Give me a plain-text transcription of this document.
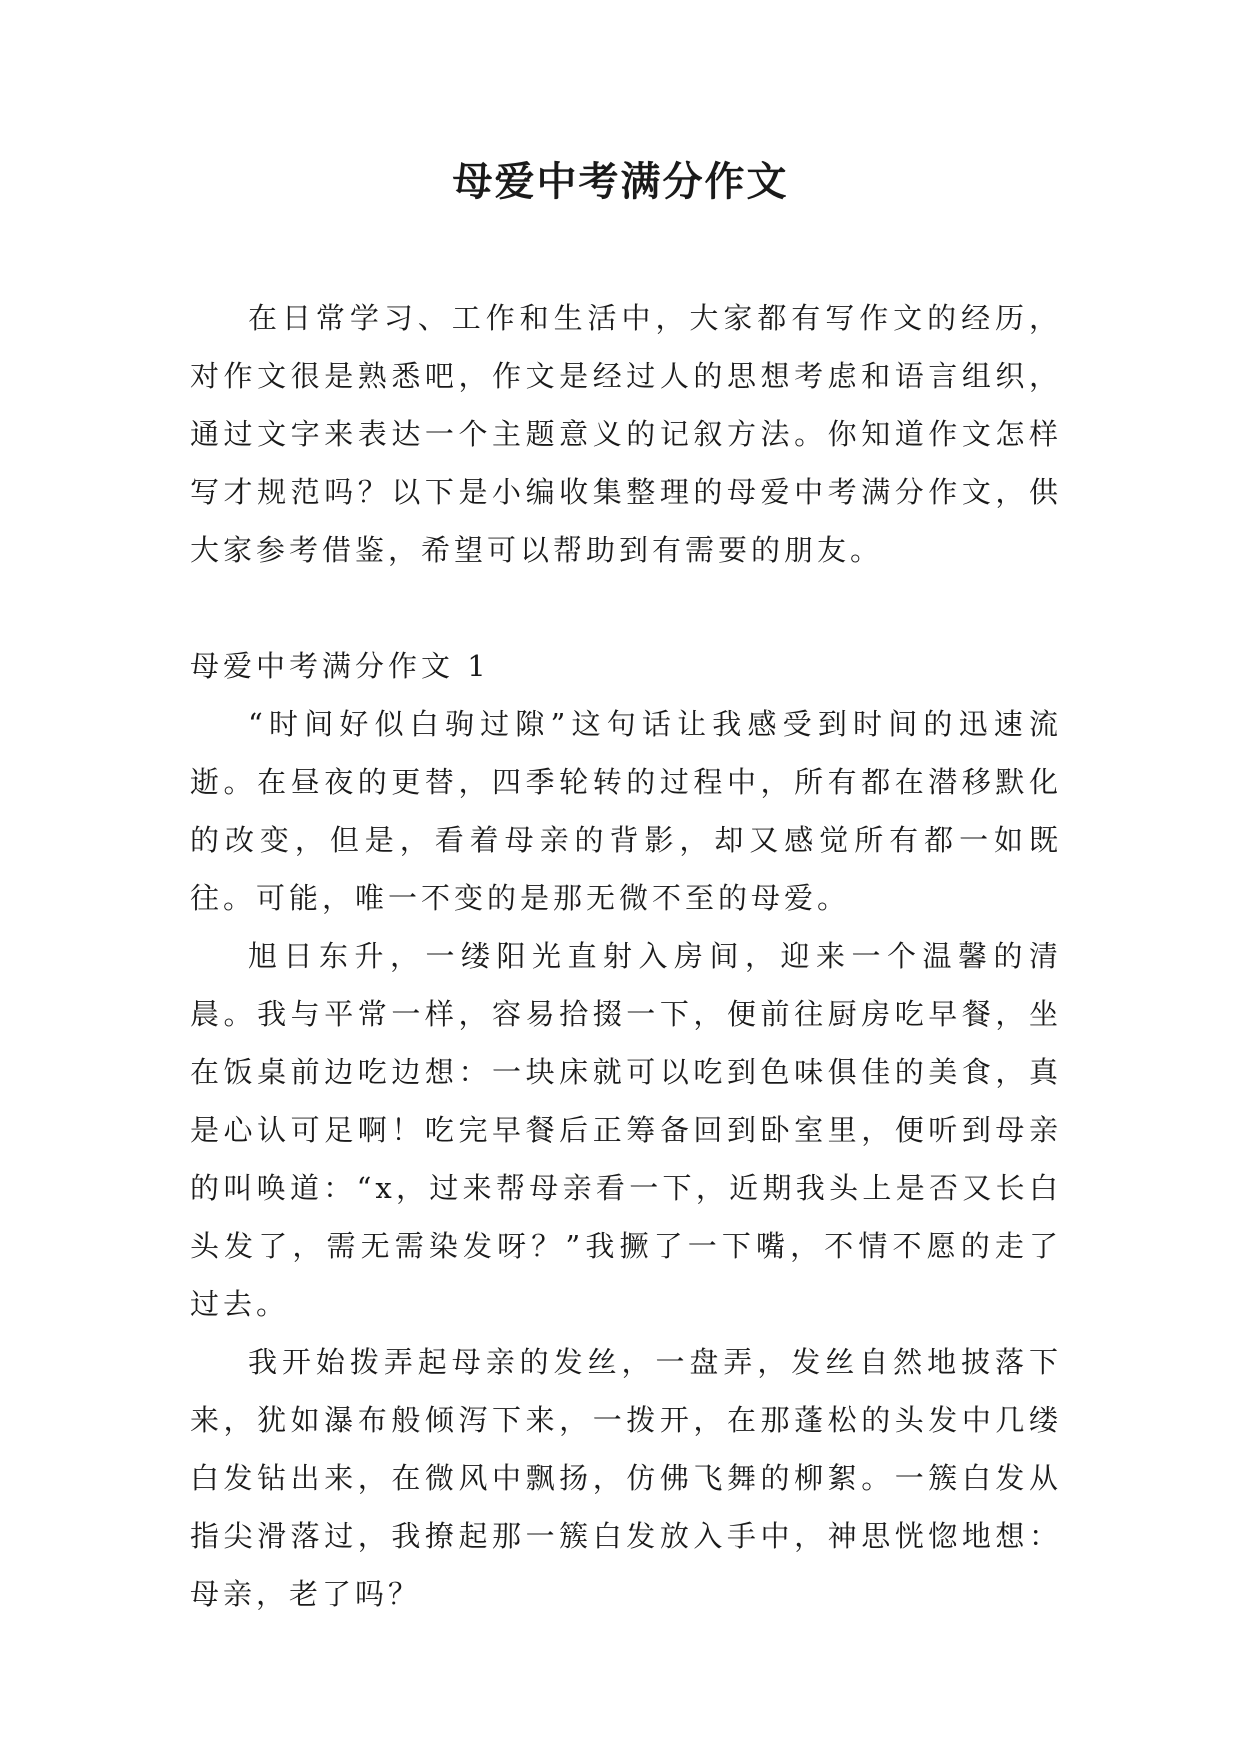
母爱中考满分作文

在日常学习、工作和生活中，大家都有写作文的经历，对作文很是熟悉吧，作文是经过人的思想考虑和语言组织，通过文字来表达一个主题意义的记叙方法。你知道作文怎样写才规范吗？以下是小编收集整理的母爱中考满分作文，供大家参考借鉴，希望可以帮助到有需要的朋友。

母爱中考满分作文 1

“时间好似白驹过隙”这句话让我感受到时间的迅速流逝。在昼夜的更替，四季轮转的过程中，所有都在潜移默化的改变，但是，看着母亲的背影，却又感觉所有都一如既往。可能，唯一不变的是那无微不至的母爱。

旭日东升，一缕阳光直射入房间，迎来一个温馨的清晨。我与平常一样，容易拾掇一下，便前往厨房吃早餐，坐在饭桌前边吃边想：一块床就可以吃到色味俱佳的美食，真是心认可足啊！吃完早餐后正筹备回到卧室里，便听到母亲的叫唤道：“x，过来帮母亲看一下，近期我头上是否又长白头发了，需无需染发呀？”我撅了一下嘴，不情不愿的走了过去。

我开始拨弄起母亲的发丝，一盘弄，发丝自然地披落下来，犹如瀑布般倾泻下来，一拨开，在那蓬松的头发中几缕白发钻出来，在微风中飘扬，仿佛飞舞的柳絮。一簇白发从指尖滑落过，我撩起那一簇白发放入手中，神思恍惚地想：母亲，老了吗？
